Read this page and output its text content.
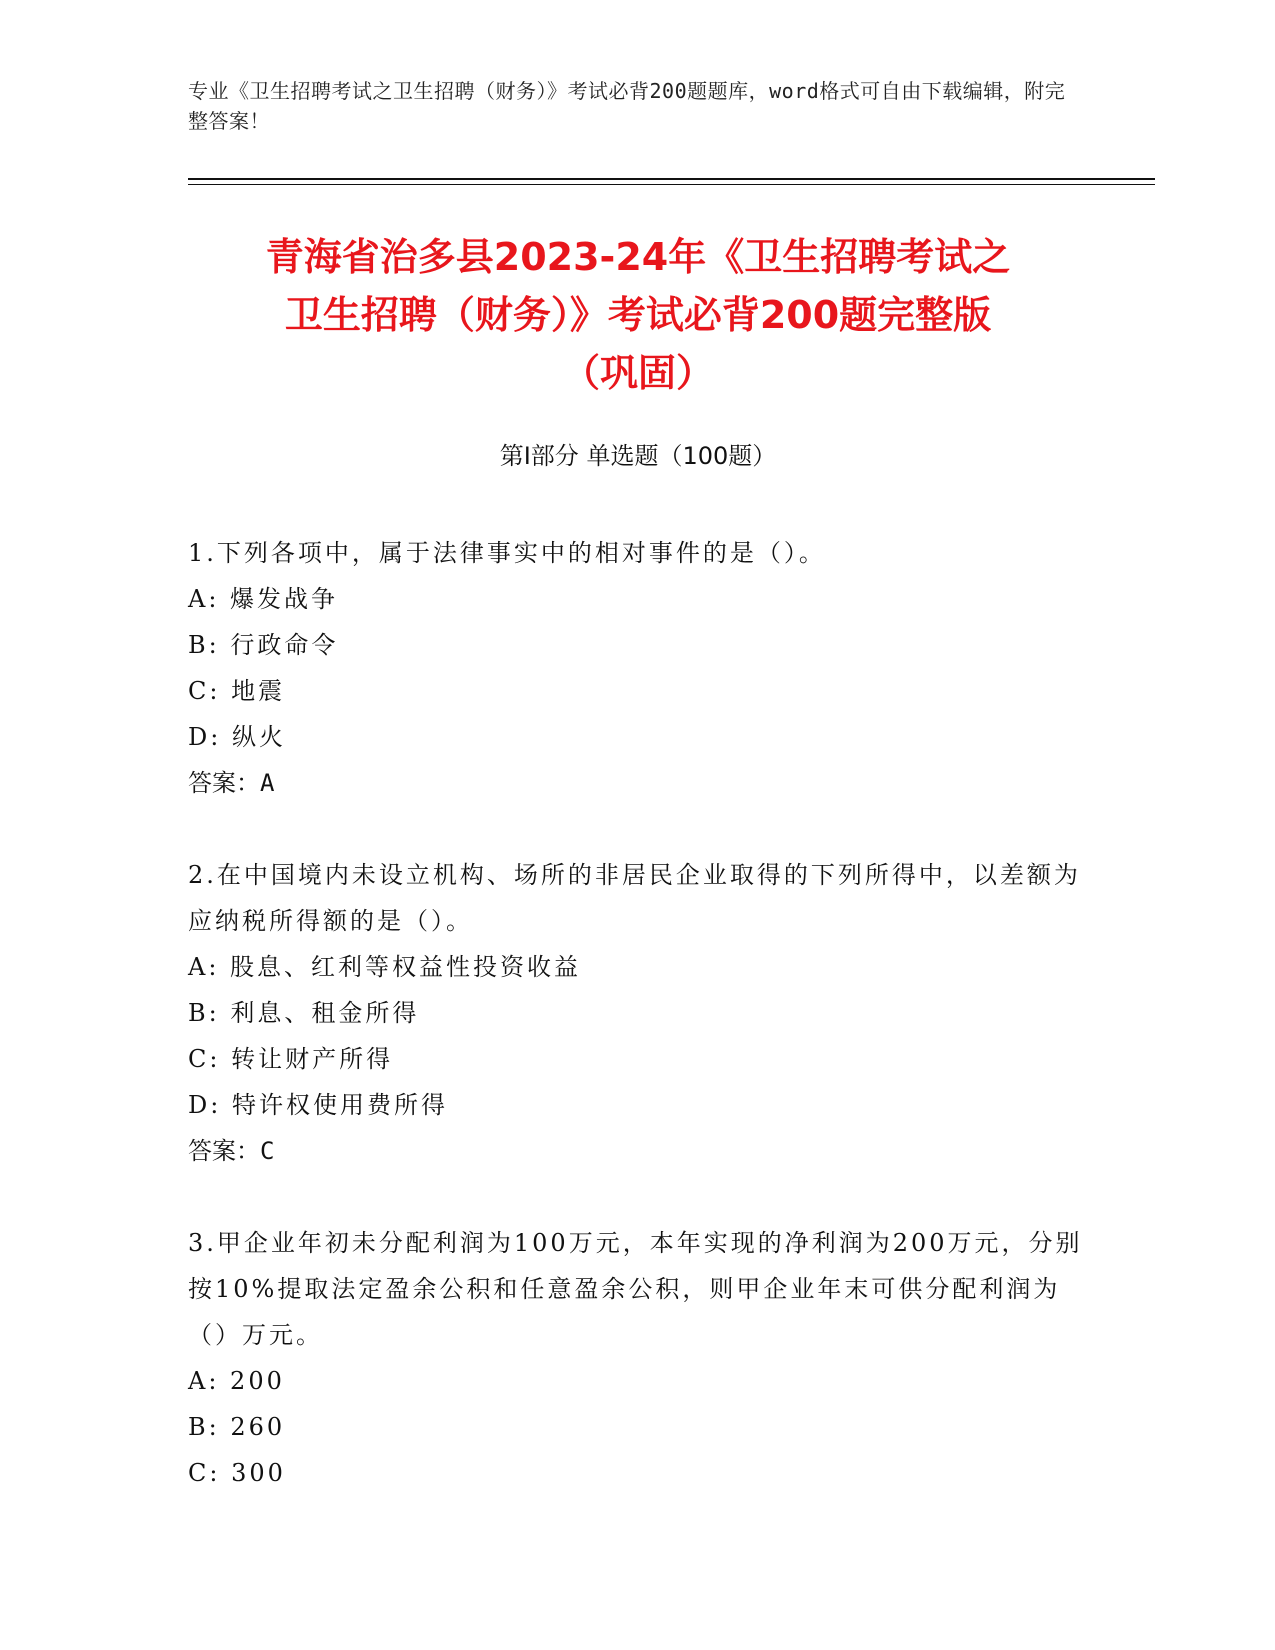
专业《卫生招聘考试之卫生招聘（财务）》考试必背200题题库，word格式可自由下载编辑，附完整答案！
青海省治多县2023-24年《卫生招聘考试之
卫生招聘（财务）》考试必背200题完整版
（巩固）
第Ⅰ部分 单选题（100题）

1.下列各项中，属于法律事实中的相对事件的是（）。

A: 爆发战争

B: 行政命令

C: 地震

D: 纵火

答案：A

2.在中国境内未设立机构、场所的非居民企业取得的下列所得中，以差额为应纳税所得额的是（）。

A: 股息、红利等权益性投资收益

B: 利息、租金所得

C: 转让财产所得

D: 特许权使用费所得

答案：C

3.甲企业年初未分配利润为100万元，本年实现的净利润为200万元，分别按10%提取法定盈余公积和任意盈余公积，则甲企业年末可供分配利润为（）万元。

A: 200

B: 260

C: 300
